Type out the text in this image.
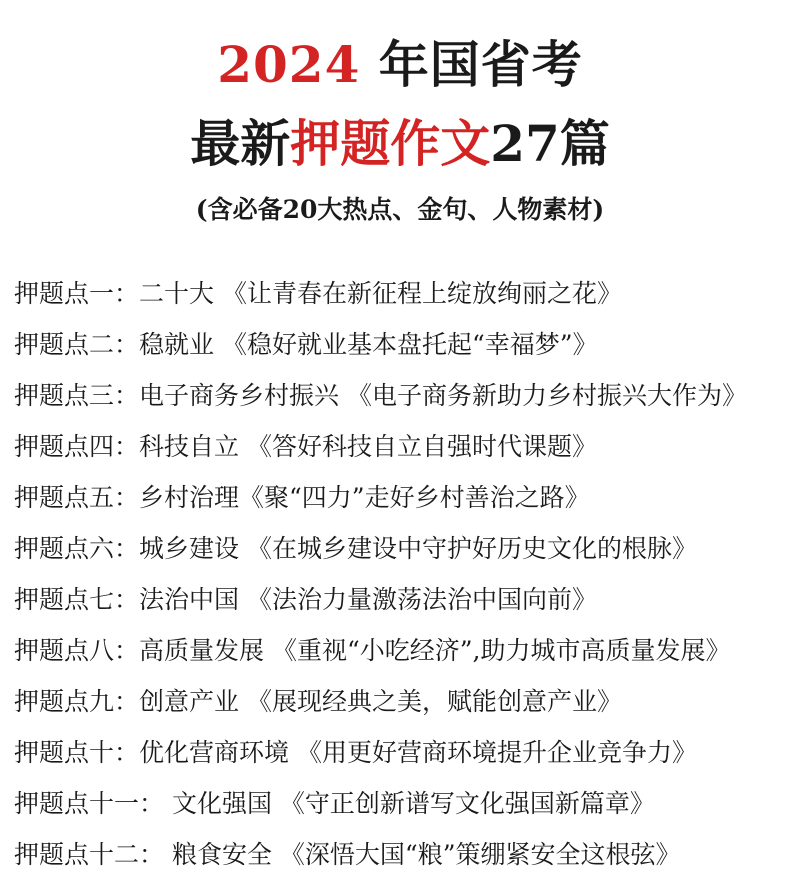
2024 年国省考
最新押题作文27篇
(含必备20大热点、金句、人物素材)
押题点一：二十大 《让青春在新征程上绽放绚丽之花》
押题点二：稳就业 《稳好就业基本盘托起“幸福梦”》
押题点三：电子商务乡村振兴 《电子商务新助力乡村振兴大作为》
押题点四：科技自立 《答好科技自立自强时代课题》
押题点五：乡村治理《聚“四力”走好乡村善治之路》
押题点六：城乡建设 《在城乡建设中守护好历史文化的根脉》
押题点七：法治中国 《法治力量激荡法治中国向前》
押题点八：高质量发展 《重视“小吃经济”,助力城市高质量发展》
押题点九：创意产业 《展现经典之美，赋能创意产业》
押题点十：优化营商环境 《用更好营商环境提升企业竞争力》
押题点十一： 文化强国 《守正创新谱写文化强国新篇章》
押题点十二： 粮食安全 《深悟大国“粮”策绷紧安全这根弦》
